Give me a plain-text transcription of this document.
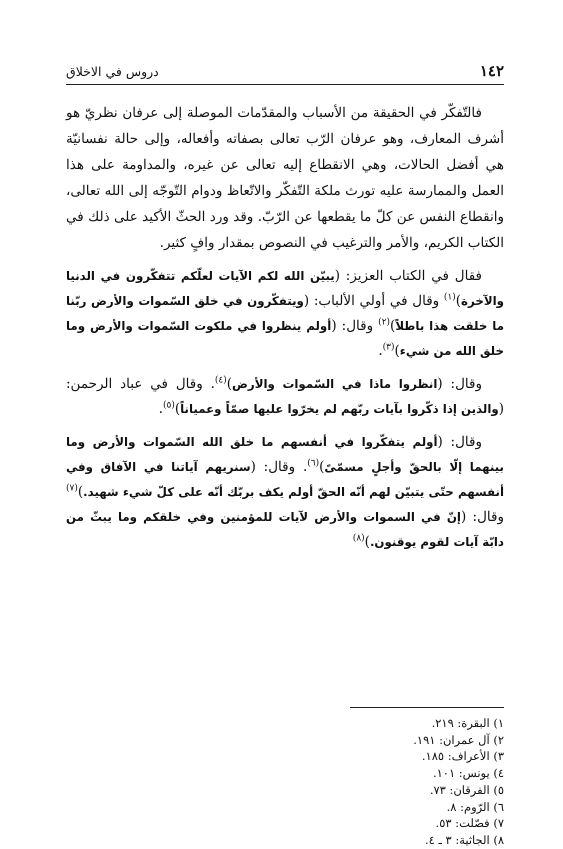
١٤٢
دروس في الاخلاق

فالتّفكّر في الحقيقة من الأسباب والمقدّمات الموصلة إلى عرفان نظريّ هو أشرف المعارف، وهو عرفان الرّب تعالى بصفاته وأفعاله، وإلى حالة نفسانيّة هي أفضل الحالات، وهي الانقطاع إليه تعالى عن غيره، والمداومة على هذا العمل والممارسة عليه تورث ملكة التّفكّر والاتّعاظ ودوام التّوجّه إلى الله تعالى، وانقطاع النفس عن كلّ ما يقطعها عن الرّبّ. وقد ورد الحثّ الأكيد على ذلك في الكتاب الكريم، والأمر والترغيب في النصوص بمقدار وافٍ كثير.

فقال في الكتاب العزيز: (يبيّن الله لكم الآيات لعلّكم تتفكّرون في الدنيا والآخرة)$^{(١)}$ وقال في أولي الألباب: (ويتفكّرون في خلق السّموات والأرض ربّنا ما خلقت هذا باطلاً)$^{(٢)}$ وقال: (أولم ينظروا في ملكوت السّموات والأرض وما خلق الله من شيء)$^{(٣)}$.

وقال: (انظروا ماذا في السّموات والأرض)$^{(٤)}$. وقال في عباد الرحمن: (والذين إذا ذكّروا بآيات ربّهم لم يخرّوا عليها صمّاً وعمياناً)$^{(٥)}$.

وقال: (أولم يتفكّروا في أنفسهم ما خلق الله السّموات والأرض وما بينهما إلّا بالحقّ وأجلٍ مسمّىً)$^{(٦)}$. وقال: (سنريهم آياتنا في الآفاق وفي أنفسهم حتّى يتبيّن لهم أنّه الحقّ أولم يكف بربّك أنّه على كلّ شيء شهيد.)$^{(٧)}$ وقال: (إنّ في السموات والأرض لآيات للمؤمنين وفي خلقكم وما يبثّ من دابّة آيات لقوم يوقنون.)$^{(٨)}$

١) البقرة: ٢١٩.
٢) آل عمران: ١٩١.
٣) الأعراف: ١٨٥.
٤) يونس: ١٠١.
٥) الفرقان: ٧٣.
٦) الرّوم: ٨.
٧) فصّلت: ٥٣.
٨) الجاثية: ٣ ـ ٤.
